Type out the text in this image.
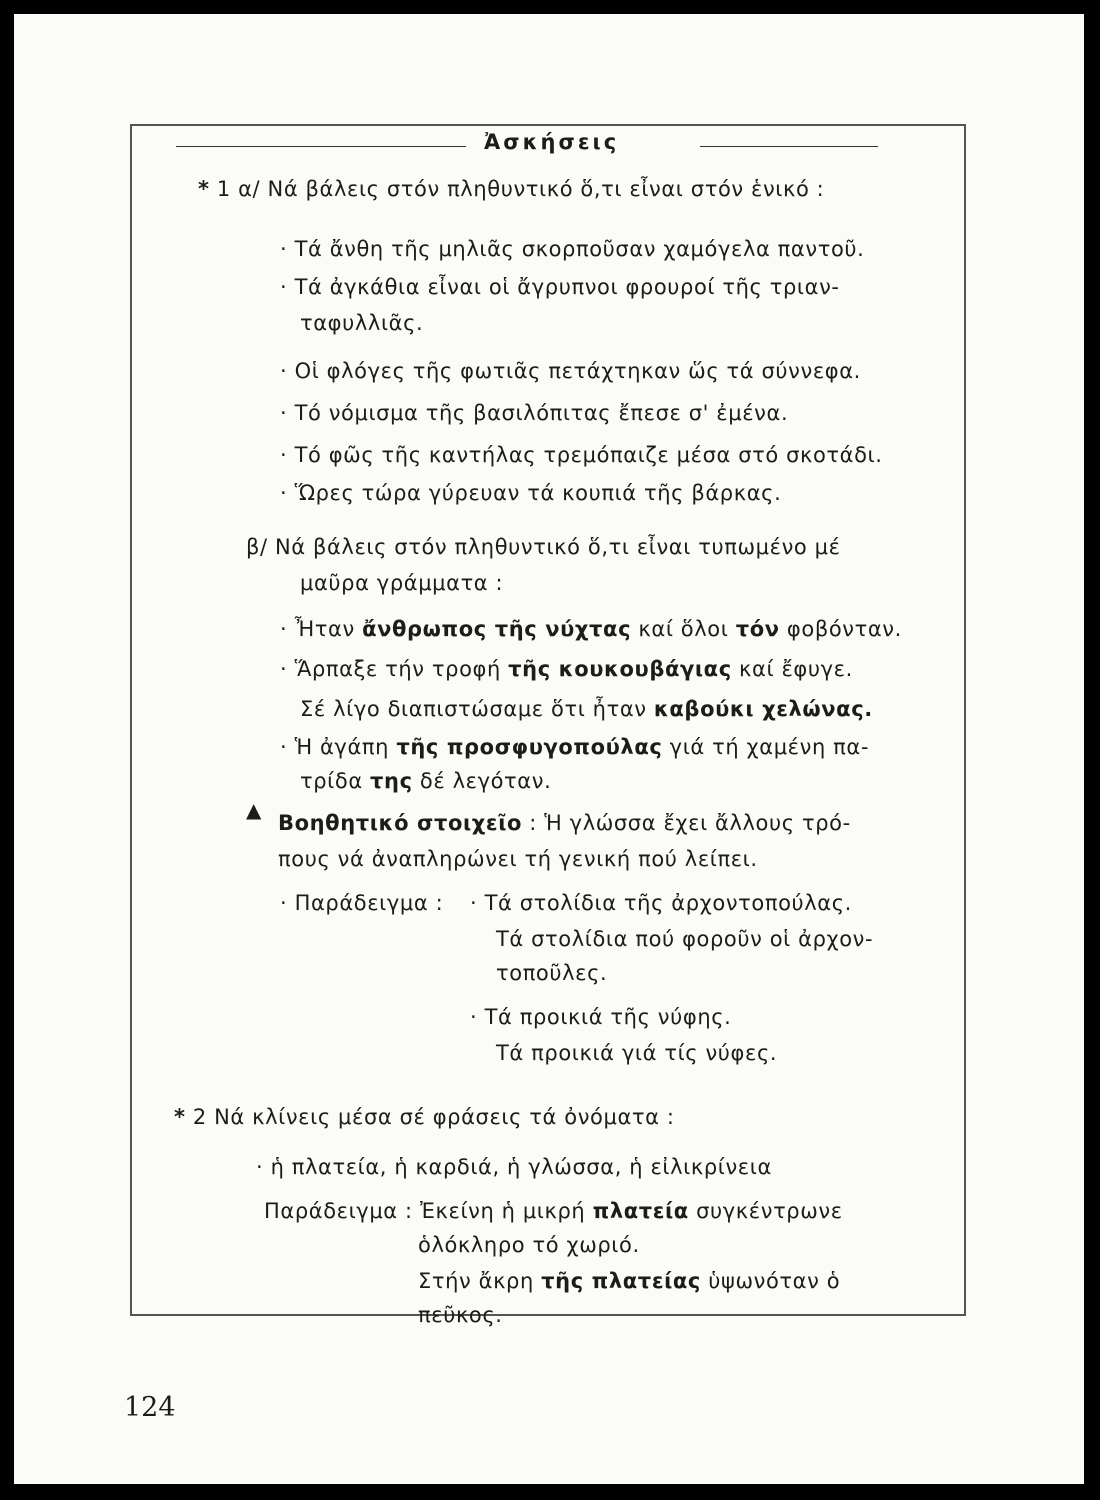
Ἀσκήσεις
* 1 α/ Νά βάλεις στόν πληθυντικό ὅ,τι εἶναι στόν ἑνικό :
· Τά ἄνθη τῆς μηλιᾶς σκορποῦσαν χαμόγελα παντοῦ.
· Τά ἀγκάθια εἶναι οἱ ἄγρυπνοι φρουροί τῆς τριαν-
ταφυλλιᾶς.
· Οἱ φλόγες τῆς φωτιᾶς πετάχτηκαν ὥς τά σύννεφα.
· Τό νόμισμα τῆς βασιλόπιτας ἔπεσε σ' ἐμένα.
· Τό φῶς τῆς καντήλας τρεμόπαιζε μέσα στό σκοτάδι.
· Ὥρες τώρα γύρευαν τά κουπιά τῆς βάρκας.
β/ Νά βάλεις στόν πληθυντικό ὅ,τι εἶναι τυπωμένο μέ
μαῦρα γράμματα :
· Ἦταν ἄνθρωπος τῆς νύχτας καί ὅλοι τόν φοβόνταν.
· Ἅρπαξε τήν τροφή τῆς κουκουβάγιας καί ἔφυγε.
Σέ λίγο διαπιστώσαμε ὅτι ἦταν καβούκι χελώνας.
· Ἡ ἀγάπη τῆς προσφυγοπούλας γιά τή χαμένη πα-
τρίδα της δέ λεγόταν.
▲
Βοηθητικό στοιχεῖο : Ἡ γλώσσα ἔχει ἄλλους τρό-
πους νά ἀναπληρώνει τή γενική πού λείπει.
· Παράδειγμα : · Τά στολίδια τῆς ἀρχοντοπούλας.
Τά στολίδια πού φοροῦν οἱ ἀρχον-
τοποῦλες.
· Τά προικιά τῆς νύφης.
Τά προικιά γιά τίς νύφες.
* 2 Νά κλίνεις μέσα σέ φράσεις τά ὀνόματα :
· ἡ πλατεία, ἡ καρδιά, ἡ γλώσσα, ἡ εἰλικρίνεια
Παράδειγμα : Ἐκείνη ἡ μικρή πλατεία συγκέντρωνε
ὁλόκληρο τό χωριό.
Στήν ἄκρη τῆς πλατείας ὑψωνόταν ὁ
πεῦκος.
124
